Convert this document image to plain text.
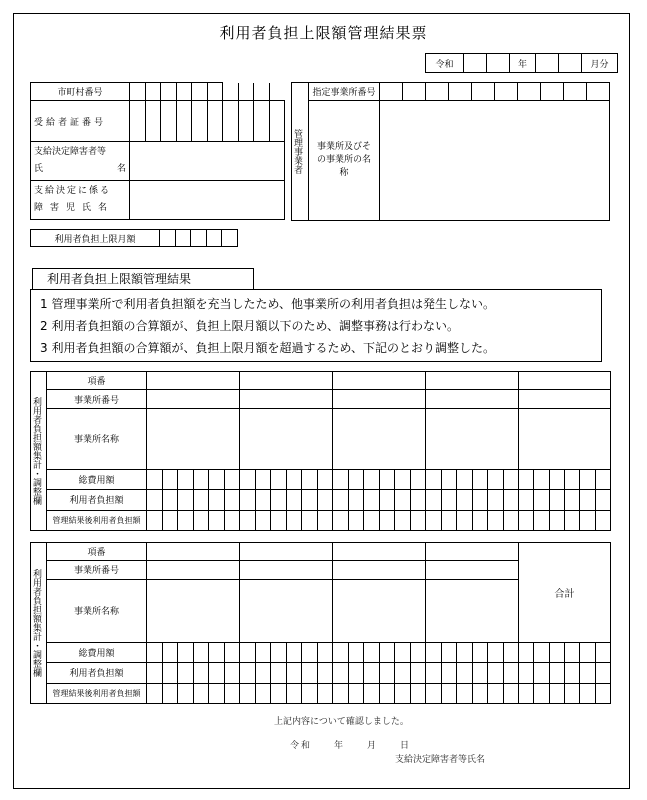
利用者負担上限額管理結果票
令和			年			月分
市町村番号										
受給者証番号										

支給決定障害者等
氏 名										

支給決定に係る
障害児氏名										

管理事業者	指定事業所番号										
	事業所及びその事業所の名称										
利用者負担上限月額					
利用者負担上限額管理結果
1 管理事業所で利用者負担額を充当したため、他事業所の利用者負担は発生しない。
2 利用者負担額の合算額が、負担上限月額以下のため、調整事務は行わない。
3 利用者負担額の合算額が、負担上限月額を超過するため、下記のとおり調整した。
利用者負担額集計・調整欄	項番					
	事業所番号					
	事業所名称					
	総費用額	

	利用者負担額	

	管理結果後利用者負担額	

利用者負担額集計・調整欄	項番					合計
	事業所番号					
	事業所名称					
	総費用額	

	利用者負担額	

	管理結果後利用者負担額	

上記内容について確認しました。
令和　　年　　月　　日
支給決定障害者等氏名
